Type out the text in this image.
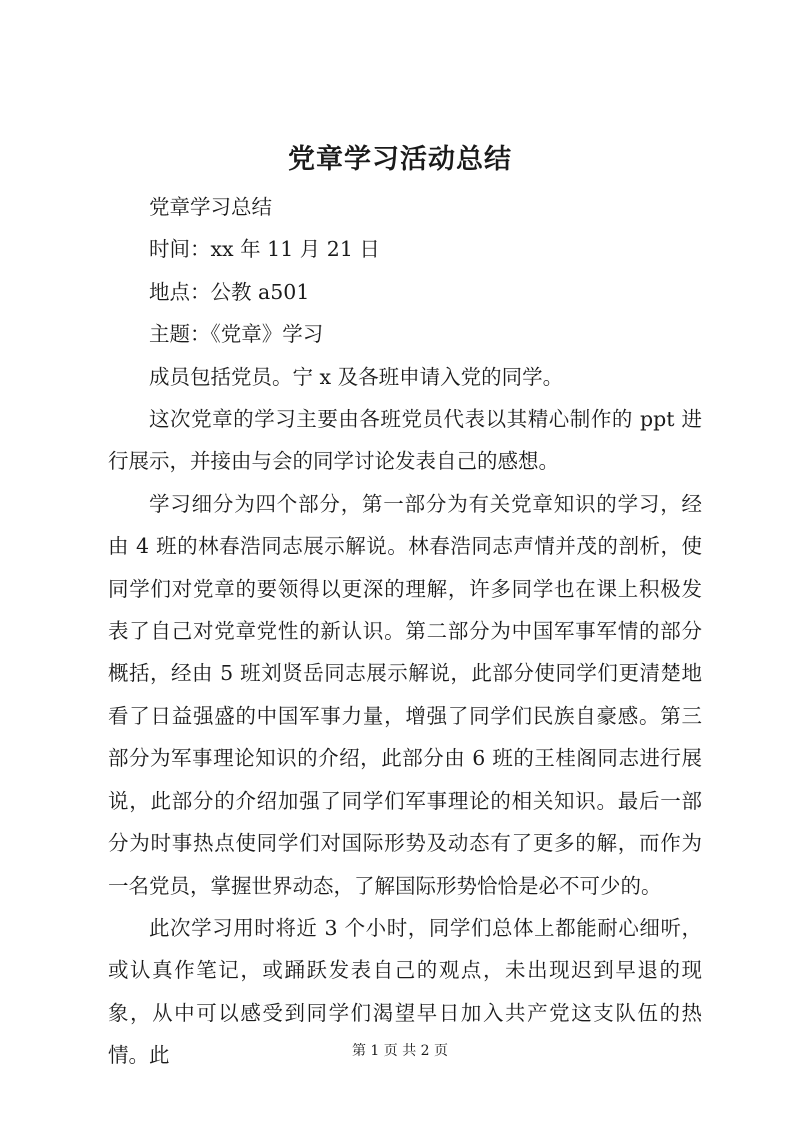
党章学习活动总结

党章学习总结

时间：xx 年 11 月 21 日

地点：公教 a501

主题：《党章》学习

成员包括党员。宁 x 及各班申请入党的同学。

这次党章的学习主要由各班党员代表以其精心制作的 ppt 进行展示，并接由与会的同学讨论发表自己的感想。

学习细分为四个部分，第一部分为有关党章知识的学习，经由 4 班的林春浩同志展示解说。林春浩同志声情并茂的剖析，使同学们对党章的要领得以更深的理解，许多同学也在课上积极发表了自己对党章党性的新认识。第二部分为中国军事军情的部分概括，经由 5 班刘贤岳同志展示解说，此部分使同学们更清楚地看了日益强盛的中国军事力量，增强了同学们民族自豪感。第三部分为军事理论知识的介绍，此部分由 6 班的王桂阁同志进行展说，此部分的介绍加强了同学们军事理论的相关知识。最后一部分为时事热点使同学们对国际形势及动态有了更多的解，而作为一名党员，掌握世界动态，了解国际形势恰恰是必不可少的。

此次学习用时将近 3 个小时，同学们总体上都能耐心细听，或认真作笔记，或踊跃发表自己的观点，未出现迟到早退的现象，从中可以感受到同学们渴望早日加入共产党这支队伍的热情。此	第 1 页 共 2 页
